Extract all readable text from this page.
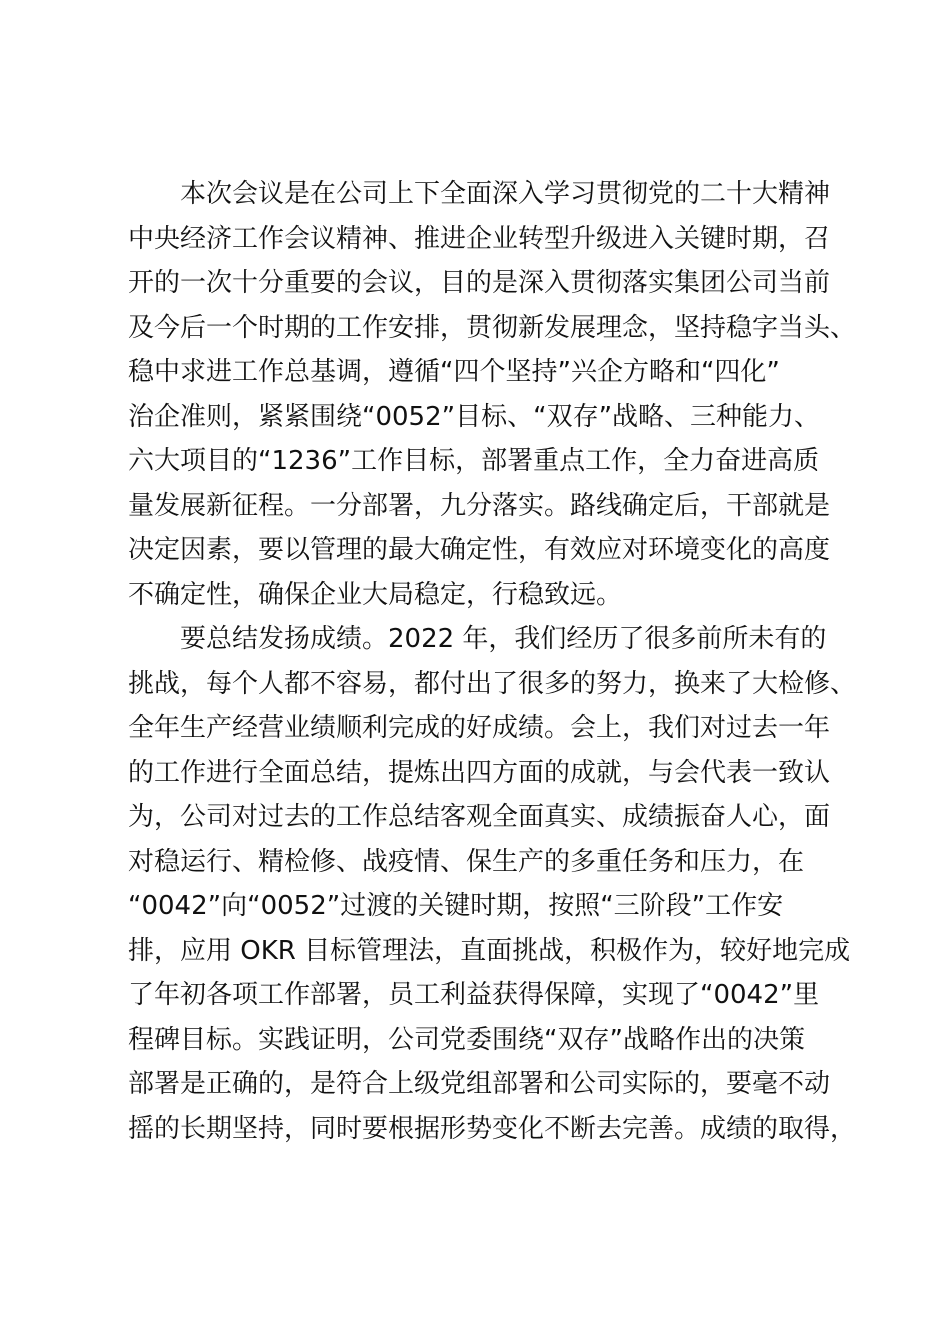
　　本次会议是在公司上下全面深入学习贯彻党的二十大精神
中央经济工作会议精神、推进企业转型升级进入关键时期，召
开的一次十分重要的会议，目的是深入贯彻落实集团公司当前
及今后一个时期的工作安排，贯彻新发展理念，坚持稳字当头、
稳中求进工作总基调，遵循“四个坚持”兴企方略和“四化”
治企准则，紧紧围绕“0052”目标、“双存”战略、三种能力、
六大项目的“1236”工作目标，部署重点工作，全力奋进高质
量发展新征程。一分部署，九分落实。路线确定后，干部就是
决定因素，要以管理的最大确定性，有效应对环境变化的高度
不确定性，确保企业大局稳定，行稳致远。
　　要总结发扬成绩。2022 年，我们经历了很多前所未有的
挑战，每个人都不容易，都付出了很多的努力，换来了大检修、
全年生产经营业绩顺利完成的好成绩。会上，我们对过去一年
的工作进行全面总结，提炼出四方面的成就，与会代表一致认
为，公司对过去的工作总结客观全面真实、成绩振奋人心，面
对稳运行、精检修、战疫情、保生产的多重任务和压力，在
“0042”向“0052”过渡的关键时期，按照“三阶段”工作安
排，应用 OKR 目标管理法，直面挑战，积极作为，较好地完成
了年初各项工作部署，员工利益获得保障，实现了“0042”里
程碑目标。实践证明，公司党委围绕“双存”战略作出的决策
部署是正确的，是符合上级党组部署和公司实际的，要毫不动
摇的长期坚持，同时要根据形势变化不断去完善。成绩的取得，
